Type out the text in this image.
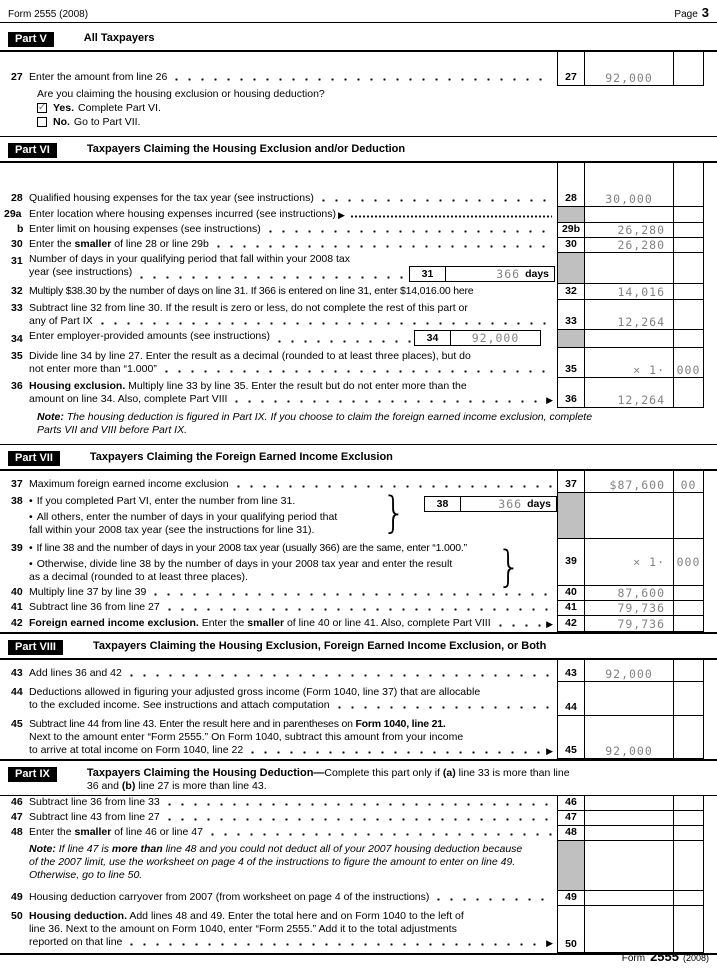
Form 2555 (2008)	Page 3
Part V	All Taxpayers
27 Enter the amount from line 26	27	92,000
Are you claiming the housing exclusion or housing deduction?
✓ Yes. Complete Part VI.
No. Go to Part VII.
Part VI	Taxpayers Claiming the Housing Exclusion and/or Deduction
28 Qualified housing expenses for the tax year (see instructions)	28	30,000
29a Enter location where housing expenses incurred (see instructions) ▶
b Enter limit on housing expenses (see instructions)	29b	26,280
30 Enter the smaller of line 28 or line 29b	30	26,280
31 Number of days in your qualifying period that fall within your 2008 tax
year (see instructions)	31	366 days
32 Multiply $38.30 by the number of days on line 31. If 366 is entered on line 31, enter $14,016.00 here	32	14,016
33 Subtract line 32 from line 30. If the result is zero or less, do not complete the rest of this part or
any of Part IX	33	12,264
34 Enter employer-provided amounts (see instructions)	34	92,000
35 Divide line 34 by line 27. Enter the result as a decimal (rounded to at least three places), but do
not enter more than “1.000”	35	× 1· 000
36 Housing exclusion. Multiply line 33 by line 35. Enter the result but do not enter more than the
amount on line 34. Also, complete Part VIII	▶	36	12,264
Note: The housing deduction is figured in Part IX. If you choose to claim the foreign earned income exclusion, complete Parts VII and VIII before Part IX.
Part VII	Taxpayers Claiming the Foreign Earned Income Exclusion
37 Maximum foreign earned income exclusion	37	$87,600 00
38 • If you completed Part VI, enter the number from line 31.
• All others, enter the number of days in your qualifying period that
fall within your 2008 tax year (see the instructions for line 31). }	38	366 days
39 • If line 38 and the number of days in your 2008 tax year (usually 366) are the same, enter “1.000.”
• Otherwise, divide line 38 by the number of days in your 2008 tax year and enter the result
as a decimal (rounded to at least three places).	}	39	× 1· 000
40 Multiply line 37 by line 39	40	87,600
41 Subtract line 36 from line 27	41	79,736
42 Foreign earned income exclusion. Enter the smaller of line 40 or line 41. Also, complete Part VIII	▶	42	79,736
Part VIII	Taxpayers Claiming the Housing Exclusion, Foreign Earned Income Exclusion, or Both
43 Add lines 36 and 42	43	92,000
44 Deductions allowed in figuring your adjusted gross income (Form 1040, line 37) that are allocable
to the excluded income. See instructions and attach computation	44
45 Subtract line 44 from line 43. Enter the result here and in parentheses on Form 1040, line 21.
Next to the amount enter “Form 2555.” On Form 1040, subtract this amount from your income
to arrive at total income on Form 1040, line 22	▶	45	92,000
Part IX	Taxpayers Claiming the Housing Deduction—Complete this part only if (a) line 33 is more than line
36 and (b) line 27 is more than line 43.
46 Subtract line 36 from line 33	46
47 Subtract line 43 from line 27	47
48 Enter the smaller of line 46 or line 47	48
Note: If line 47 is more than line 48 and you could not deduct all of your 2007 housing deduction because of the 2007 limit, use the worksheet on page 4 of the instructions to figure the amount to enter on line 49. Otherwise, go to line 50.
49 Housing deduction carryover from 2007 (from worksheet on page 4 of the instructions)	49
50 Housing deduction. Add lines 48 and 49. Enter the total here and on Form 1040 to the left of
line 36. Next to the amount on Form 1040, enter “Form 2555.” Add it to the total adjustments
reported on that line	▶	50
Form 2555 (2008)
